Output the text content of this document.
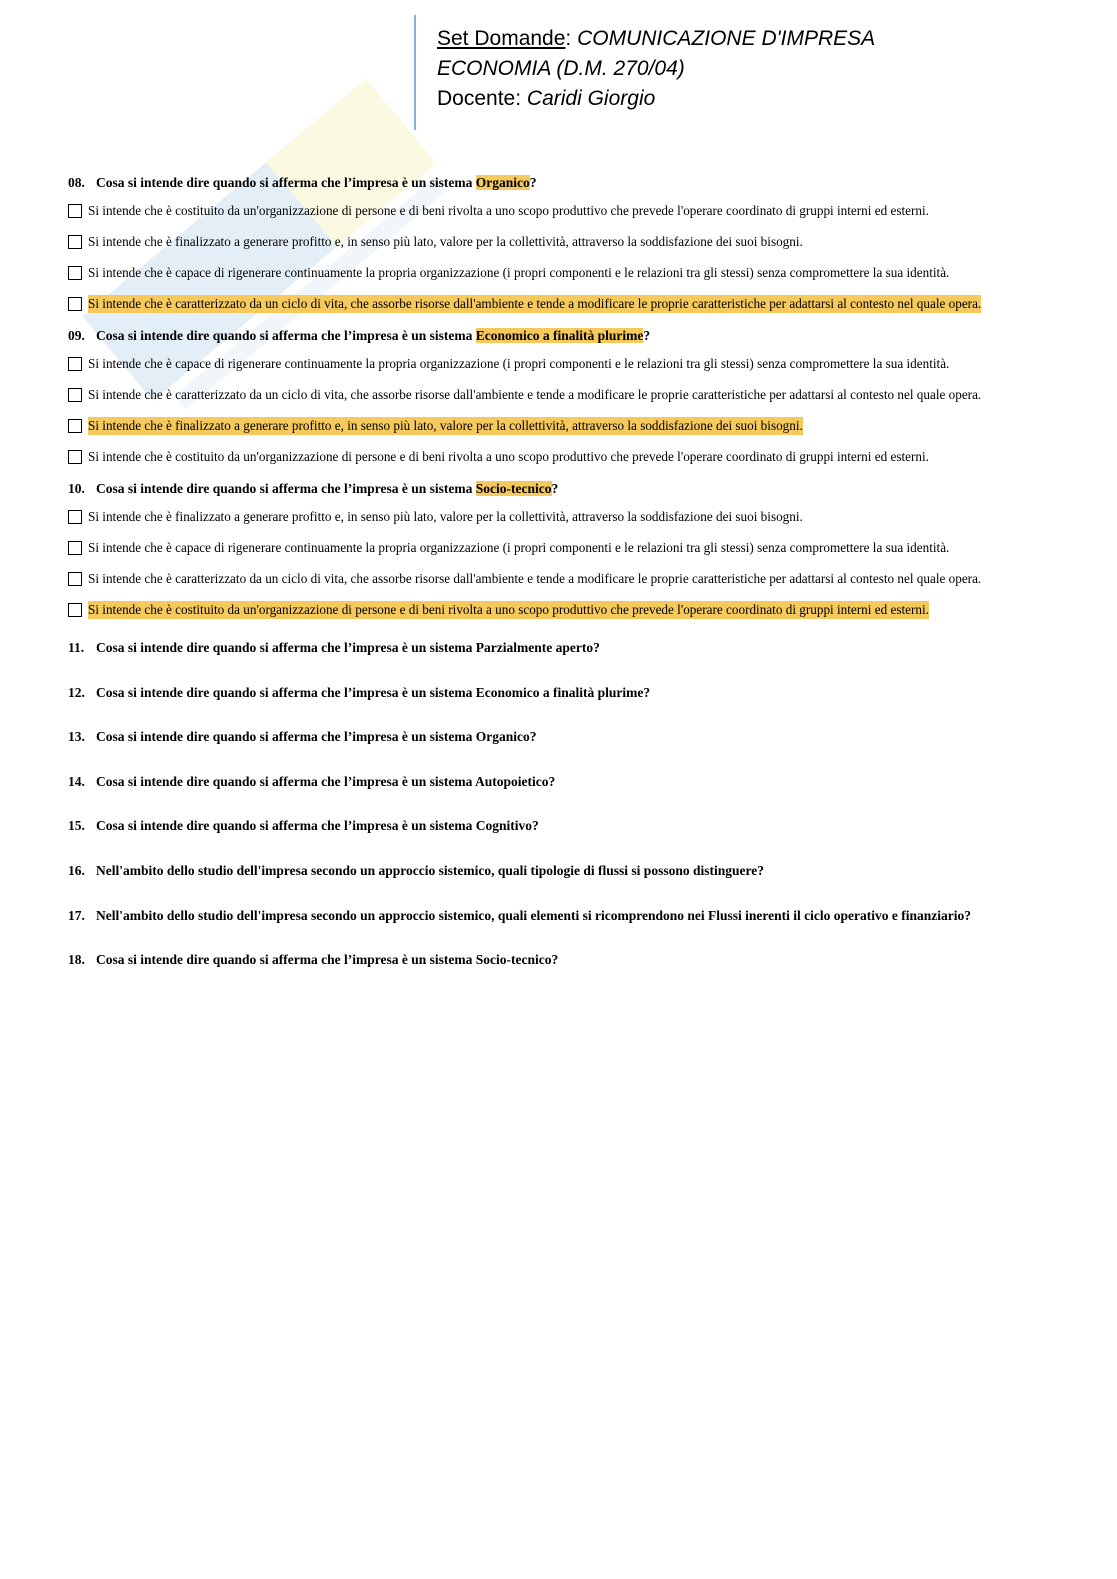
Set Domande: COMUNICAZIONE D'IMPRESA
ECONOMIA (D.M. 270/04)
Docente: Caridi Giorgio
08. Cosa si intende dire quando si afferma che l’impresa è un sistema Organico?
Si intende che è costituito da un'organizzazione di persone e di beni rivolta a uno scopo produttivo che prevede l'operare coordinato di gruppi interni ed esterni.
Si intende che è finalizzato a generare profitto e, in senso più lato, valore per la collettività, attraverso la soddisfazione dei suoi bisogni.
Si intende che è capace di rigenerare continuamente la propria organizzazione (i propri componenti e le relazioni tra gli stessi) senza compromettere la sua identità.
Si intende che è caratterizzato da un ciclo di vita, che assorbe risorse dall'ambiente e tende a modificare le proprie caratteristiche per adattarsi al contesto nel quale opera.
09. Cosa si intende dire quando si afferma che l’impresa è un sistema Economico a finalità plurime?
Si intende che è capace di rigenerare continuamente la propria organizzazione (i propri componenti e le relazioni tra gli stessi) senza compromettere la sua identità.
Si intende che è caratterizzato da un ciclo di vita, che assorbe risorse dall'ambiente e tende a modificare le proprie caratteristiche per adattarsi al contesto nel quale opera.
Si intende che è finalizzato a generare profitto e, in senso più lato, valore per la collettività, attraverso la soddisfazione dei suoi bisogni.
Si intende che è costituito da un'organizzazione di persone e di beni rivolta a uno scopo produttivo che prevede l'operare coordinato di gruppi interni ed esterni.
10. Cosa si intende dire quando si afferma che l’impresa è un sistema Socio-tecnico?
Si intende che è finalizzato a generare profitto e, in senso più lato, valore per la collettività, attraverso la soddisfazione dei suoi bisogni.
Si intende che è capace di rigenerare continuamente la propria organizzazione (i propri componenti e le relazioni tra gli stessi) senza compromettere la sua identità.
Si intende che è caratterizzato da un ciclo di vita, che assorbe risorse dall'ambiente e tende a modificare le proprie caratteristiche per adattarsi al contesto nel quale opera.
Si intende che è costituito da un'organizzazione di persone e di beni rivolta a uno scopo produttivo che prevede l'operare coordinato di gruppi interni ed esterni.
11. Cosa si intende dire quando si afferma che l’impresa è un sistema Parzialmente aperto?
12. Cosa si intende dire quando si afferma che l’impresa è un sistema Economico a finalità plurime?
13. Cosa si intende dire quando si afferma che l’impresa è un sistema Organico?
14. Cosa si intende dire quando si afferma che l’impresa è un sistema Autopoietico?
15. Cosa si intende dire quando si afferma che l’impresa è un sistema Cognitivo?
16. Nell'ambito dello studio dell'impresa secondo un approccio sistemico, quali tipologie di flussi si possono distinguere?
17. Nell'ambito dello studio dell'impresa secondo un approccio sistemico, quali elementi si ricomprendono nei Flussi inerenti il ciclo operativo e finanziario?
18. Cosa si intende dire quando si afferma che l’impresa è un sistema Socio-tecnico?
